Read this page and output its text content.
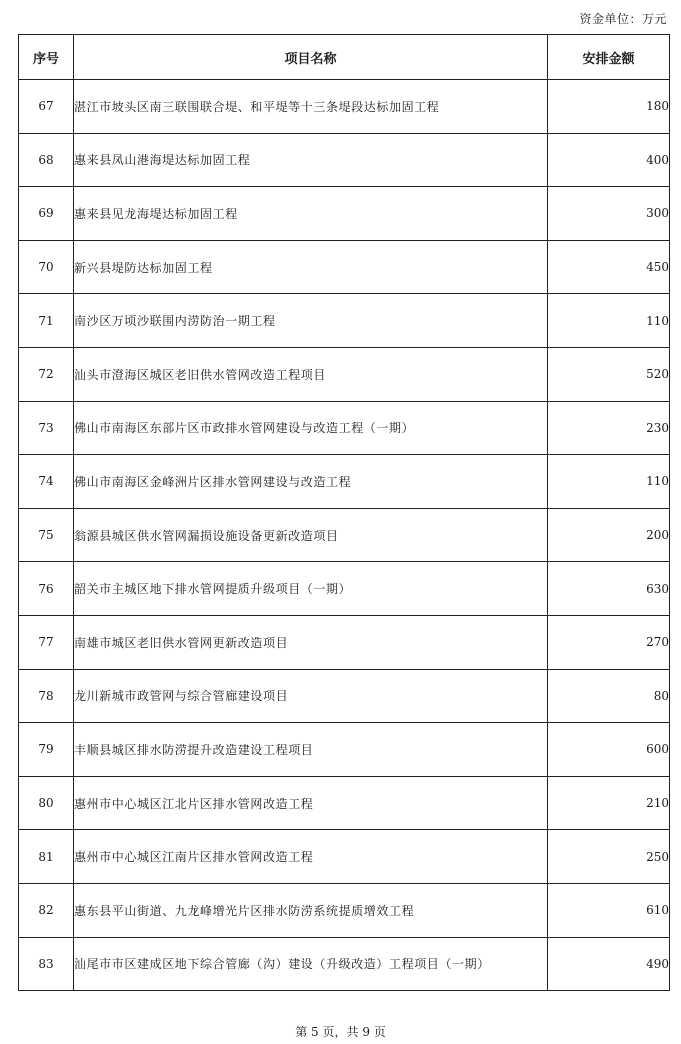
资金单位：万元
序号	项目名称	安排金额
67	湛江市坡头区南三联围联合堤、和平堤等十三条堤段达标加固工程	180
68	惠来县凤山港海堤达标加固工程	400
69	惠来县见龙海堤达标加固工程	300
70	新兴县堤防达标加固工程	450
71	南沙区万顷沙联围内涝防治一期工程	110
72	汕头市澄海区城区老旧供水管网改造工程项目	520
73	佛山市南海区东部片区市政排水管网建设与改造工程（一期）	230
74	佛山市南海区金峰洲片区排水管网建设与改造工程	110
75	翁源县城区供水管网漏损设施设备更新改造项目	200
76	韶关市主城区地下排水管网提质升级项目（一期）	630
77	南雄市城区老旧供水管网更新改造项目	270
78	龙川新城市政管网与综合管廊建设项目	80
79	丰顺县城区排水防涝提升改造建设工程项目	600
80	惠州市中心城区江北片区排水管网改造工程	210
81	惠州市中心城区江南片区排水管网改造工程	250
82	惠东县平山街道、九龙峰增光片区排水防涝系统提质增效工程	610
83	汕尾市市区建成区地下综合管廊（沟）建设（升级改造）工程项目（一期）	490
第 5 页，共 9 页
